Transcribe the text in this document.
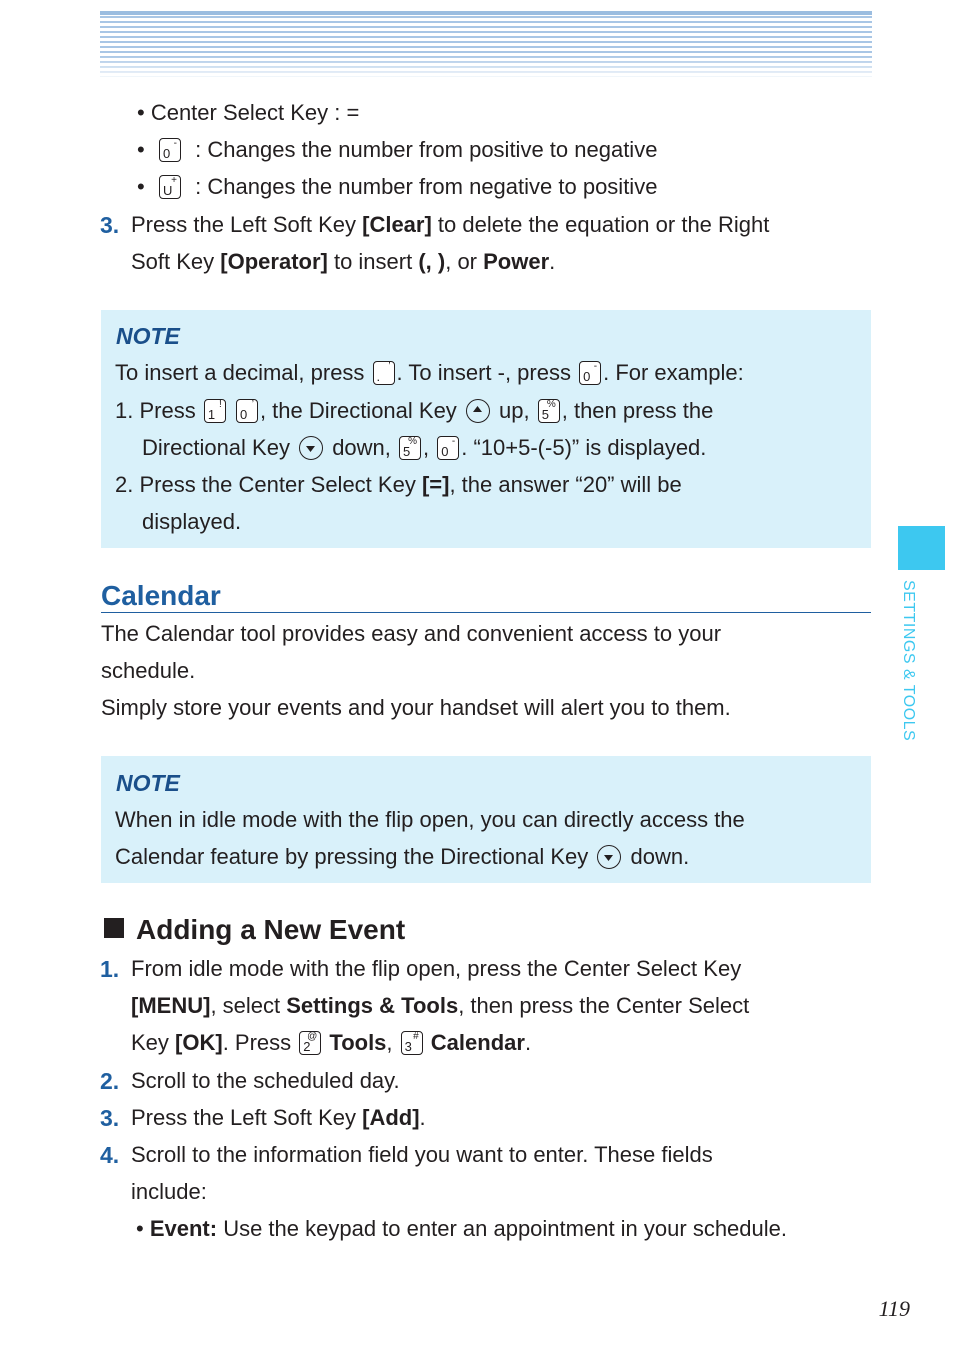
• Center Select Key : =
• 0
- : Changes the number from positive to negative
• U
+ : Changes the number from negative to positive
3. Press the Left Soft Key [Clear] to delete the equation or the Right
Soft Key [Operator] to insert (, ), or Power.
NOTE
To insert a decimal, press .
’ . To insert -, press 0
- . For example:
1. Press 1
!

0
’ , the Directional Key
up, 5
% , then press the
Directional Key
down, 5
% , 0
- . “10+5-(-5)” is displayed.
2. Press the Center Select Key [=], the answer “20” will be
displayed.
Calendar
The Calendar tool provides easy and convenient access to your
schedule.
Simply store your events and your handset will alert you to them.
NOTE
When in idle mode with the flip open, you can directly access the
Calendar feature by pressing the Directional Key
down.
Adding a New Event
1. From idle mode with the flip open, press the Center Select Key
[MENU], select Settings & Tools, then press the Center Select
Key [OK]. Press 2
@ Tools, 3
# Calendar.
2. Scroll to the scheduled day.
3. Press the Left Soft Key [Add].
4. Scroll to the information field you want to enter. These fields
include:
• Event: Use the keypad to enter an appointment in your schedule.
SETTINGS & TOOLS
119
